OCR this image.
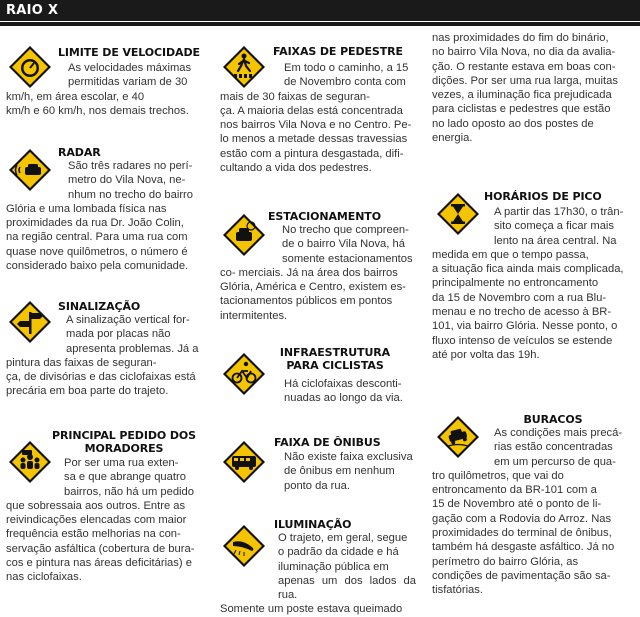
RAIO X
LIMITE DE VELOCIDADE

As velocidades máximas

permitidas variam de 30

km/h, em área escolar, e 40

km/h e 60 km/h, nos demais trechos.

RADAR

São três radares no perí-

metro do Vila Nova, ne-

nhum no trecho do bairro

Glória e uma lombada física nas

proximidades da rua Dr. João Colin,

na região central. Para uma rua com

quase nove quilômetros, o número é

considerado baixo pela comunidade.

SINALIZAÇÃO

A sinalização vertical for-

mada por placas não

apresenta problemas. Já a

pintura das faixas de seguran-

ça, de divisórias e das ciclofaixas está

precária em boa parte do trajeto.

PRINCIPAL PEDIDO DOS
MORADORES

Por ser uma rua exten-

sa e que abrange quatro

bairros, não há um pedido

que sobressaia aos outros. Entre as

reivindicações elencadas com maior

frequência estão melhorias na con-

servação asfáltica (cobertura de bura-

cos e pintura nas áreas deficitárias) e

nas ciclofaixas.

FAIXAS DE PEDESTRE

Em todo o caminho, a 15

de Novembro conta com

mais de 30 faixas de seguran-

ça. A maioria delas está concentrada

nos bairros Vila Nova e no Centro. Pe-

lo menos a metade dessas travessias

estão com a pintura desgastada, difi-

cultando a vida dos pedestres.

ESTACIONAMENTO

No trecho que compreen-

de o bairro Vila Nova, há

somente estacionamentos

co- merciais. Já na área dos bairros

Glória, América e Centro, existem es-

tacionamentos públicos em pontos

intermitentes.

INFRAESTRUTURA
PARA CICLISTAS

Há ciclofaixas desconti-

nuadas ao longo da via.

FAIXA DE ÔNIBUS

Não existe faixa exclusiva

de ônibus em nenhum

ponto da rua.

ILUMINAÇÃO

O trajeto, em geral, segue

o padrão da cidade e há

iluminação pública em

apenas um dos lados da rua.

Somente um poste estava queimado

nas proximidades do fim do binário,

no bairro Vila Nova, no dia da avalia-

ção. O restante estava em boas con-

dições. Por ser uma rua larga, muitas

vezes, a iluminação fica prejudicada

para ciclistas e pedestres que estão

no lado oposto ao dos postes de

energia.

HORÁRIOS DE PICO

A partir das 17h30, o trân-

sito começa a ficar mais

lento na área central. Na

medida em que o tempo passa,

a situação fica ainda mais complicada,

principalmente no entroncamento

da 15 de Novembro com a rua Blu-

menau e no trecho de acesso à BR-

101, via bairro Glória. Nesse ponto, o

fluxo intenso de veículos se estende

até por volta das 19h.

BURACOS

As condições mais precá-

rias estão concentradas

em um percurso de qua-

tro quilômetros, que vai do

entroncamento da BR-101 com a

15 de Novembro até o ponto de li-

gação com a Rodovia do Arroz. Nas

proximidades do terminal de ônibus,

também há desgaste asfáltico. Já no

perímetro do bairro Glória, as

condições de pavimentação são sa-

tisfatórias.
